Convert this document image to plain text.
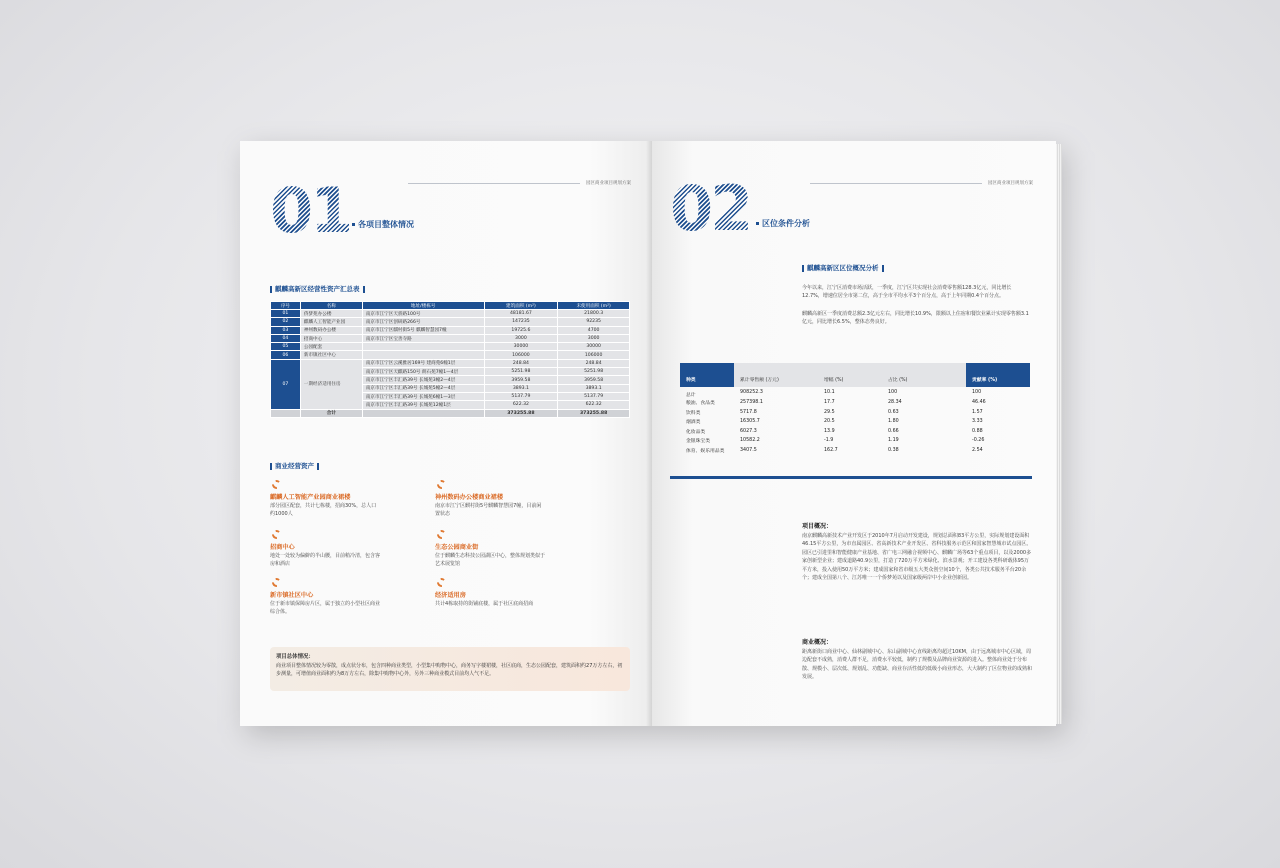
园区商业项目规划方案
01 各项目整体情况
麒麟高新区经营性资产汇总表
序号	名称	地址/楼栋号	建筑面积 (m²)	未使用面积 (m²)
01	侨梦苑办公楼	南京市江宁区天骄路100号	48181.67	21800.3
02	麒麟人工智能产业园	南京市江宁区创研路266号	147235	92235
03	神州数码办公楼	南京市江宁区麒村街5号 麒麟智慧园7幢	19725.6	4700
04	招商中心	南京市江宁区宝善寺路	3000	3000
05	公园配套		30000	30000
06	新市镇社区中心		106000	106000
07	一期经济适用住房	南京市江宁区云溪雅居169号 建商苑6幢1层	248.84	248.84
		南京市江宁区天麒路150号 朗石苑7幢1—4层	5251.98	5251.98
		南京市江宁区丰汇路39号 长城苑3幢2—4层	3959.58	3959.58
		南京市江宁区丰汇路39号 长城苑5幢2—4层	3893.1	3893.1
		南京市江宁区丰汇路39号 长城苑6幢1—3层	5137.79	5137.79
		南京市江宁区丰汇路39号 长城苑12幢1层	622.32	622.32
	合计		373255.88	373255.88
商业经营资产
麒麟人工智能产业园商业裙楼
部分园区配套，共计七栋楼，招商30%，总人口约1000人
神州数码办公楼商业裙楼
南京市江宁区麒村街5号麒麟智慧园7幢，目前闲置状态
招商中心
地处一处较为偏僻的半山腰，目前稍冷清，包含客房和酒店
生态公园商业街
位于麒麟生态科技公园湖区中心，整体规划类似于艺术展览馆
新市镇社区中心
位于新市镇保障房片区，属于独立的小型社区商业综合体。
经济适用房
共计4栋取持的街铺底楼，属于社区底商招商
项目总体情况：
商业项目整体情况较为零散，成点状分布，包含四种商业类型，小型集中购物中心，商务写字楼裙楼，社区底商，生态公园配套，建筑面积约27万方左右，初步测量，可增值商业面积约为8万方左右，除集中购物中心外，另外三种商业模式目前均人气不足。
园区商业项目规划方案
02	区位条件分析
麒麟高新区区位概况分析
今年以来，江宁区消费市场活跃，一季度，江宁区共实现社会消费零售额128.3亿元，同比增长12.7%，增速位居全市第二位，高于全市平均水平3个百分点，高于上年同期0.4个百分点。
麒麟高新区一季度消费总额2.3亿元左右，同比增长10.9%，限额以上住宿和餐饮业累计实现零售额3.1亿元，同比增长6.5%，整体态势良好。
种类	累计零售额 (万元)	增幅 (%)	占比 (%)	贡献率 (%)
总计	908252.3	10.1	100	100
粮油、食品类	257398.1	17.7	28.34	46.46
饮料类	5717.8	29.5	0.63	1.57
烟酒类	16305.7	20.5	1.80	3.33
化妆品类	6027.3	13.9	0.66	0.88
金银珠宝类	10582.2	-1.9	1.19	-0.26
体育、娱乐用品类	3407.5	162.7	0.38	2.54
项目概况：
南京麒麟高新技术产业开发区于2010年7月启动开发建设，规划总面积83平方公里，实际规划建设面积46.15平方公里，为市直属园区、省高新技术产业开发区、省科技服务示范区和国家智慧城市试点园区。园区已引进里和智能健康产业基地、省广电三网融合视频中心、麒麟广场等63个重点项目，以及2000多家创新型企业；建成道路40.9公里，打造了720万平方米绿化、滨水景观；开工建设各类科研载体95万平方米，投入使用50万平方米；建成国家和省市级五大类众创空间10个，各类公共技术服务平台20余个；建成全国第八个、江苏唯一一个侨梦苑以及国家级两岸中小企业创新园。
商业概况：
距离新街口商业中心、仙林副城中心、东山副城中心直线距离均超过10KM，由于远离城市中心区域，周边配套不成熟，消费人群不足，消费水平较低，制约了规模及品牌商业资源的进入。整体商业处于分布散、规模小、层次低、规划乱、功能缺、商业存活性低的低级小商业形态，大大制约了区位物业的成熟和发展。
